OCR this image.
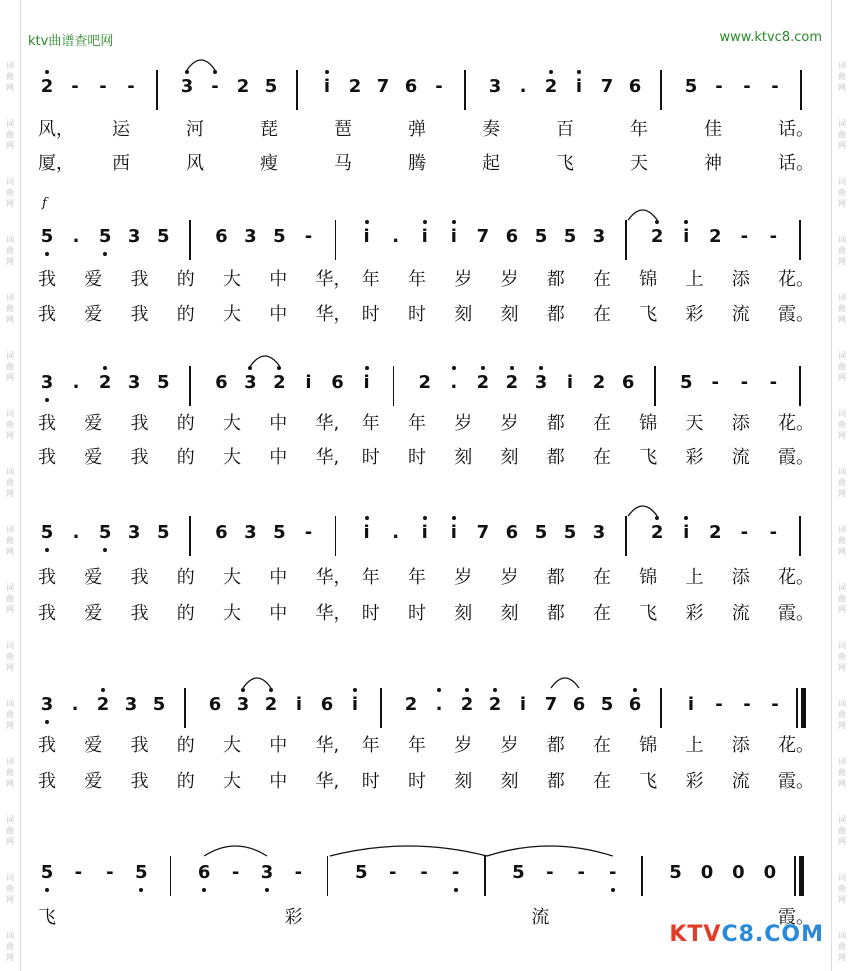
词
曲
网
词
曲
网
词
曲
网
词
曲
网
词
曲
网
词
曲
网
词
曲
网
词
曲
网
词
曲
网
词
曲
网
词
曲
网
词
曲
网
词
曲
网
词
曲
网
词
曲
网
词
曲
网
词
曲
网
词
曲
网
词
曲
网
词
曲
网
词
曲
网
词
曲
网
词
曲
网
词
曲
网
词
曲
网
词
曲
网
词
曲
网
词
曲
网
词
曲
网
词
曲
网
词
曲
网
词
曲
网
ktv曲谱查吧网	www.ktvc8.com
f
2 - - -	3 - 2 5	i	2 7 6 -	3	.	2	i	7 6 5 - - -
风， 运	河	琵	琶	弹	奏	百	年	佳	话。
厦， 西	风	瘦	马	腾	起	飞	天	神	话。
5	.	5 3 5	6 3 5 -	i	.	i	i	7 6 5 5 3	2	i	2 - -
我 爱 我 的 大 中 华， 年 年 岁 岁 都 在 锦 上 添 花。
我 爱 我 的 大 中 华， 时 时 刻 刻 都 在 飞 彩 流 霞。
3	.	2 3 5	6 3 2	i	6	i	2	.	2 2 3	i	2 6	5 - - -
我 爱 我 的 大 中 华, 年 年 岁 岁 都 在 锦 天 添 花。
我 爱 我 的 大 中 华, 时 时 刻 刻 都 在 飞 彩 流 霞。
5	.	5 3 5	6 3 5 -	i	.	i	i	7 6 5 5 3	2	i	2 - -
我 爱 我 的 大 中 华， 年 年 岁 岁 都 在 锦 上 添 花。
我 爱 我 的 大 中 华， 时 时 刻 刻 都 在 飞 彩 流 霞。
3	.	2 3 5 6 3 2	i	6	i	2	.	2 2	i	7 6 5 6	i	- - -
我 爱 我 的 大 中 华, 年 年 岁 岁 都 在 锦 上 添 花。
我 爱 我 的 大 中 华, 时 时 刻 刻 都 在 飞 彩 流 霞。
5 - - 5	6 - 3 -	5 - - -	5 - - -	5 0 0 0
飞	彩	流	霞。
KTVC8.COM
